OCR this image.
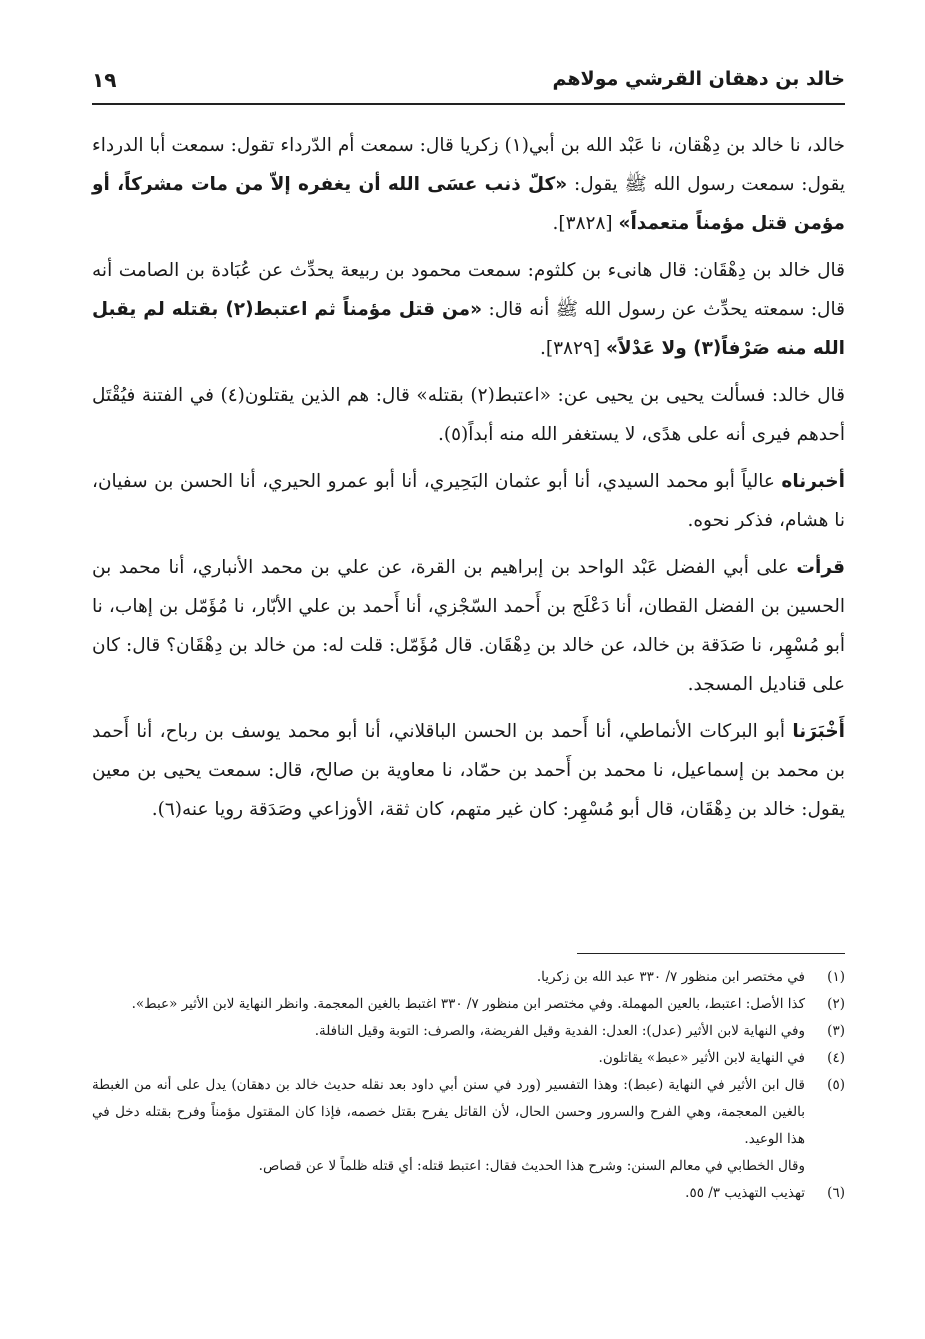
خالد بن دهقان القرشي مولاهم
١٩

خالد، نا خالد بن دِهْقان، نا عَبْد الله بن أبي(١) زكريا قال: سمعت أم الدّرداء تقول: سمعت أبا الدرداء يقول: سمعت رسول الله ﷺ يقول: «كلّ ذنب عسَى الله أن يغفره إلاّ من مات مشركاً، أو مؤمن قتل مؤمناً متعمداً» [٣٨٢٨].

قال خالد بن دِهْقَان: قال هانىء بن كلثوم: سمعت محمود بن ربيعة يحدِّث عن عُبَادة بن الصامت أنه قال: سمعته يحدِّث عن رسول الله ﷺ أنه قال: «من قتل مؤمناً ثم اعتبط(٢) بقتله لم يقبل الله منه صَرْفاً(٣) ولا عَدْلاً» [٣٨٢٩].

قال خالد: فسألت يحيى بن يحيى عن: «اعتبط(٢) بقتله» قال: هم الذين يقتلون(٤) في الفتنة فيُقْتَل أحدهم فيرى أنه على هدًى، لا يستغفر الله منه أبداً(٥).

أخبرناه عالياً أبو محمد السيدي، أنا أبو عثمان البَحِيري، أنا أبو عمرو الحيري، أنا الحسن بن سفيان، نا هشام، فذكر نحوه.

قرأت على أبي الفضل عَبْد الواحد بن إبراهيم بن القرة، عن علي بن محمد الأنباري، أنا محمد بن الحسين بن الفضل القطان، أنا دَعْلَج بن أَحمد السّجْزي، أنا أَحمد بن علي الأبّار، نا مُؤَمّل بن إهاب، نا أبو مُسْهِر، نا صَدَقة بن خالد، عن خالد بن دِهْقَان. قال مُؤَمّل: قلت له: من خالد بن دِهْقَان؟ قال: كان على قناديل المسجد.

أَخْبَرَنا أبو البركات الأنماطي، أنا أَحمد بن الحسن الباقلاني، أنا أبو محمد يوسف بن رباح، أنا أَحمد بن محمد بن إسماعيل، نا محمد بن أَحمد بن حمّاد، نا معاوية بن صالح، قال: سمعت يحيى بن معين يقول: خالد بن دِهْقَان، قال أبو مُسْهِر: كان غير متهم، كان ثقة، الأوزاعي وصَدَقة رويا عنه(٦).

(١)
في مختصر ابن منظور ٧/ ٣٣٠ عبد الله بن زكريا.
(٢)
كذا الأصل: اعتبط، بالعين المهملة. وفي مختصر ابن منظور ٧/ ٣٣٠ اغتبط بالغين المعجمة. وانظر النهاية لابن الأثير «عبط».
(٣)
وفي النهاية لابن الأثير (عدل): العدل: الفدية وقيل الفريضة، والصرف: التوبة وقيل النافلة.
(٤)
في النهاية لابن الأثير «عبط» يقاتلون.
(٥)
قال ابن الأثير في النهاية (عبط): وهذا التفسير (ورد في سنن أبي داود بعد نقله حديث خالد بن دهقان) يدل على أنه من الغبطة بالغين المعجمة، وهي الفرح والسرور وحسن الحال، لأن القاتل يفرح بقتل خصمه، فإذا كان المقتول مؤمناً وفرح بقتله دخل في هذا الوعيد.
وقال الخطابي في معالم السنن: وشرح هذا الحديث فقال: اعتبط قتله: أي قتله ظلماً لا عن قصاص.
(٦)
تهذيب التهذيب ٣/ ٥٥.
